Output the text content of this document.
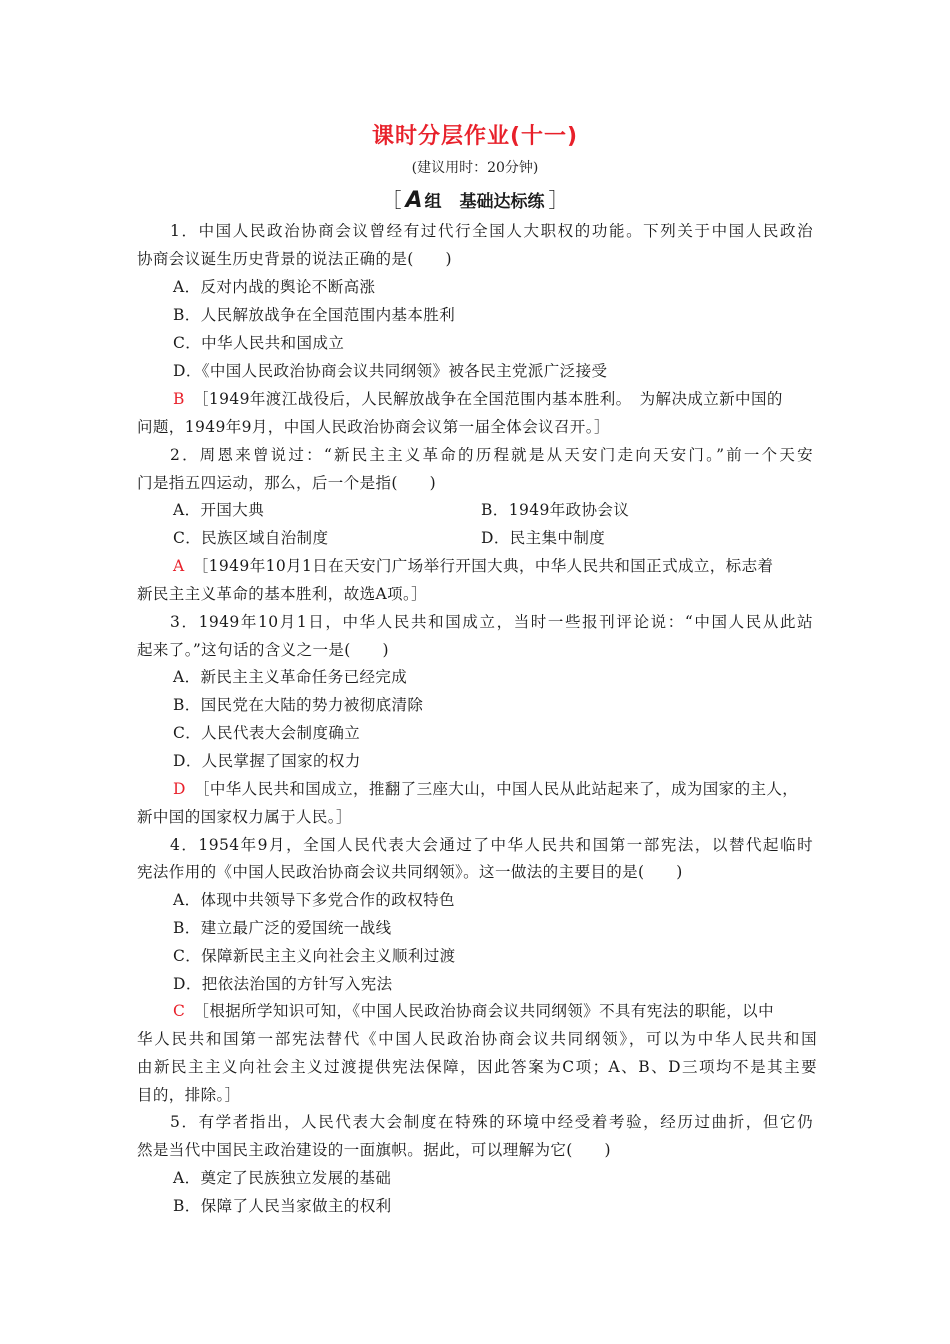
课时分层作业(十一)
(建议用时：20分钟)
［ A 组 基础达标练 ］
1．中国人民政治协商会议曾经有过代行全国人大职权的功能。下列关于中国人民政治
协商会议诞生历史背景的说法正确的是(　　)
A．反对内战的舆论不断高涨
B．人民解放战争在全国范围内基本胜利
C．中华人民共和国成立
D．《中国人民政治协商会议共同纲领》被各民主党派广泛接受
B　 ［1949年渡江战役后，人民解放战争在全国范围内基本胜利。　为解决成立新中国的
问题，1949年9月，中国人民政治协商会议第一届全体会议召开。］
2．周恩来曾说过：“新民主主义革命的历程就是从天安门走向天安门。”前一个天安
门是指五四运动，那么，后一个是指(　　)
A．开国大典	B．1949年政协会议
C．民族区域自治制度	D．民主集中制度
A　 ［1949年10月1日在天安门广场举行开国大典，中华人民共和国正式成立，标志着
新民主主义革命的基本胜利，故选A项。］
3．1949年10月1日，中华人民共和国成立，当时一些报刊评论说：“中国人民从此站
起来了。”这句话的含义之一是(　　)
A．新民主主义革命任务已经完成
B．国民党在大陆的势力被彻底清除
C．人民代表大会制度确立
D．人民掌握了国家的权力
D　 ［中华人民共和国成立，推翻了三座大山，中国人民从此站起来了，成为国家的主人，
新中国的国家权力属于人民。］
4．1954年9月，全国人民代表大会通过了中华人民共和国第一部宪法，以替代起临时
宪法作用的《中国人民政治协商会议共同纲领》。这一做法的主要目的是(　　)
A．体现中共领导下多党合作的政权特色
B．建立最广泛的爱国统一战线
C．保障新民主主义向社会主义顺利过渡
D．把依法治国的方针写入宪法
C　 ［根据所学知识可知，《中国人民政治协商会议共同纲领》不具有宪法的职能，以中
华人民共和国第一部宪法替代《中国人民政治协商会议共同纲领》，可以为中华人民共和国
由新民主主义向社会主义过渡提供宪法保障，因此答案为C项；A、B、D三项均不是其主要
目的，排除。］
5．有学者指出，人民代表大会制度在特殊的环境中经受着考验，经历过曲折，但它仍
然是当代中国民主政治建设的一面旗帜。据此，可以理解为它(　　)
A．奠定了民族独立发展的基础
B．保障了人民当家做主的权利
